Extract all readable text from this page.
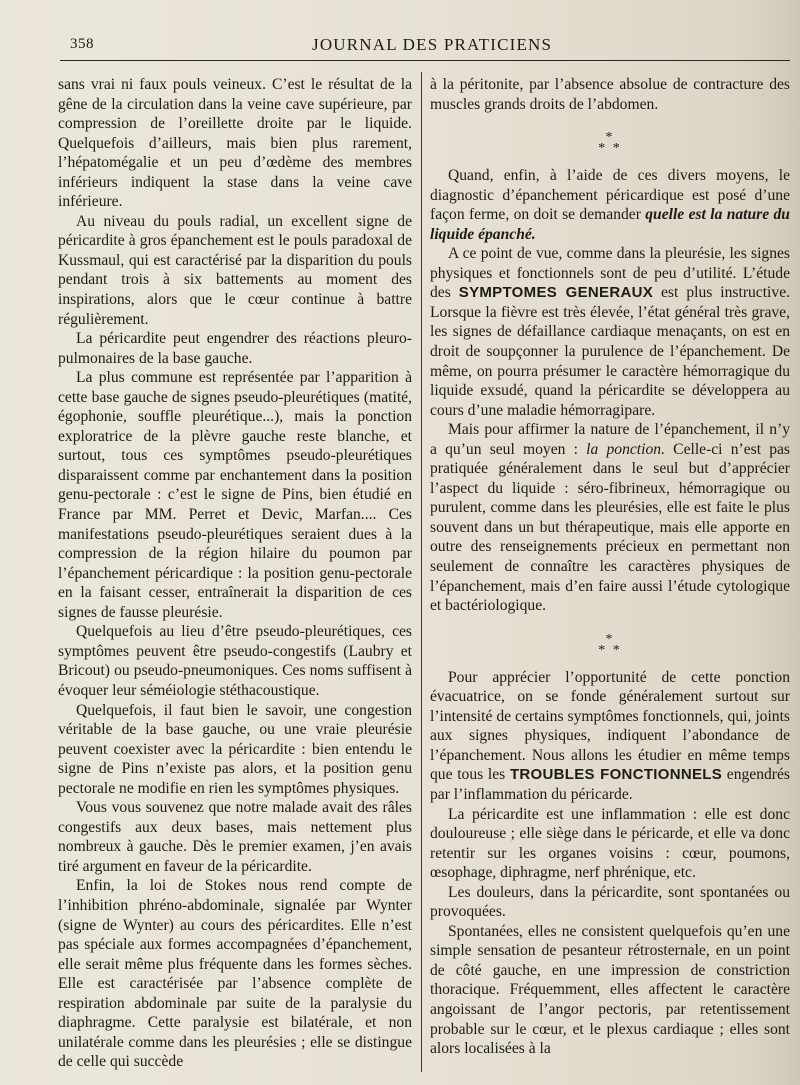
358	JOURNAL DES PRATICIENS

sans vrai ni faux pouls veineux. C’est le résultat de la gêne de la circulation dans la veine cave supérieure, par compression de l’oreillette droite par le liquide. Quelquefois d’ailleurs, mais bien plus rarement, l’hépatomégalie et un peu d’œdème des membres inférieurs indiquent la stase dans la veine cave inférieure.

Au niveau du pouls radial, un excellent signe de péricardite à gros épanchement est le pouls paradoxal de Kussmaul, qui est caractérisé par la disparition du pouls pendant trois à six battements au moment des inspirations, alors que le cœur continue à battre régulièrement.

La péricardite peut engendrer des réactions pleuro-pulmonaires de la base gauche.

La plus commune est représentée par l’apparition à cette base gauche de signes pseudo-pleurétiques (matité, égophonie, souffle pleurétique...), mais la ponction exploratrice de la plèvre gauche reste blanche, et surtout, tous ces symptômes pseudo-pleurétiques disparaissent comme par enchantement dans la position genu-pectorale : c’est le signe de Pins, bien étudié en France par MM. Perret et Devic, Marfan.... Ces manifestations pseudo-pleurétiques seraient dues à la compression de la région hilaire du poumon par l’épanchement péricardique : la position genu-pectorale en la faisant cesser, entraînerait la disparition de ces signes de fausse pleurésie.

Quelquefois au lieu d’être pseudo-pleurétiques, ces symptômes peuvent être pseudo-congestifs (Laubry et Bricout) ou pseudo-pneumoniques. Ces noms suffisent à évoquer leur séméiologie stéthacoustique.

Quelquefois, il faut bien le savoir, une congestion véritable de la base gauche, ou une vraie pleurésie peuvent coexister avec la péricardite : bien entendu le signe de Pins n’existe pas alors, et la position genu pectorale ne modifie en rien les symptômes physiques.

Vous vous souvenez que notre malade avait des râles congestifs aux deux bases, mais nettement plus nombreux à gauche. Dès le premier examen, j’en avais tiré argument en faveur de la péricardite.

Enfin, la loi de Stokes nous rend compte de l’inhibition phréno-abdominale, signalée par Wynter (signe de Wynter) au cours des péricardites. Elle n’est pas spéciale aux formes accompagnées d’épanchement, elle serait même plus fréquente dans les formes sèches. Elle est caractérisée par l’absence complète de respiration abdominale par suite de la paralysie du diaphragme. Cette paralysie est bilatérale, et non unilatérale comme dans les pleurésies ; elle se distingue de celle qui succède

à la péritonite, par l’absence absolue de contracture des muscles grands droits de l’abdomen.

*
* *

Quand, enfin, à l’aide de ces divers moyens, le diagnostic d’épanchement péricardique est posé d’une façon ferme, on doit se demander quelle est la nature du liquide épanché.

A ce point de vue, comme dans la pleurésie, les signes physiques et fonctionnels sont de peu d’utilité. L’étude des SYMPTOMES GENERAUX est plus instructive. Lorsque la fièvre est très élevée, l’état général très grave, les signes de défaillance cardiaque menaçants, on est en droit de soupçonner la purulence de l’épanchement. De même, on pourra présumer le caractère hémorragique du liquide exsudé, quand la péricardite se développera au cours d’une maladie hémorragipare.

Mais pour affirmer la nature de l’épanchement, il n’y a qu’un seul moyen : la ponction. Celle-ci n’est pas pratiquée généralement dans le seul but d’apprécier l’aspect du liquide : séro-fibrineux, hémorragique ou purulent, comme dans les pleurésies, elle est faite le plus souvent dans un but thérapeutique, mais elle apporte en outre des renseignements précieux en permettant non seulement de connaître les caractères physiques de l’épanchement, mais d’en faire aussi l’étude cytologique et bactériologique.

*
* *

Pour apprécier l’opportunité de cette ponction évacuatrice, on se fonde généralement surtout sur l’intensité de certains symptômes fonctionnels, qui, joints aux signes physiques, indiquent l’abondance de l’épanchement. Nous allons les étudier en même temps que tous les TROUBLES FONCTIONNELS engendrés par l’inflammation du péricarde.

La péricardite est une inflammation : elle est donc douloureuse ; elle siège dans le péricarde, et elle va donc retentir sur les organes voisins : cœur, poumons, œsophage, diphragme, nerf phrénique, etc.

Les douleurs, dans la péricardite, sont spontanées ou provoquées.

Spontanées, elles ne consistent quelquefois qu’en une simple sensation de pesanteur rétrosternale, en un point de côté gauche, en une impression de constriction thoracique. Fréquemment, elles affectent le caractère angoissant de l’angor pectoris, par retentissement probable sur le cœur, et le plexus cardiaque ; elles sont alors localisées à la
